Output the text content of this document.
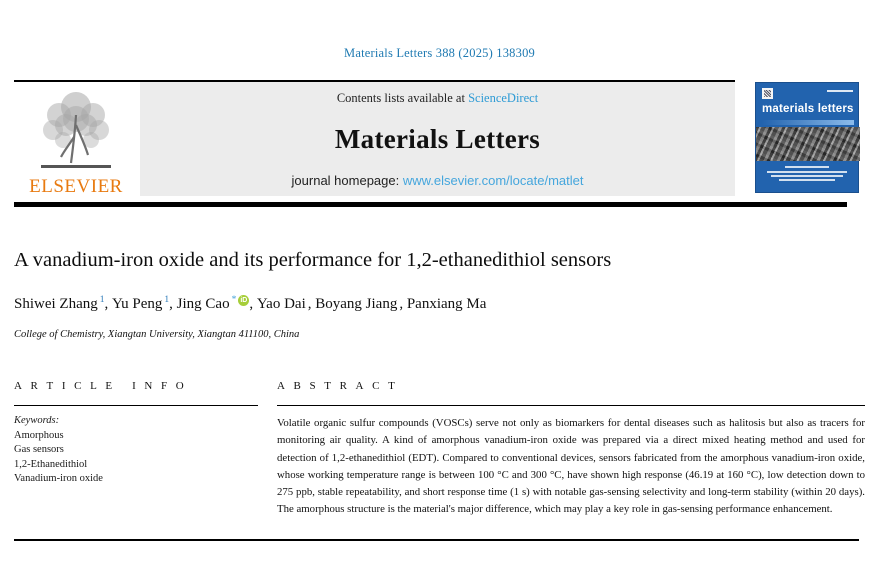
Materials Letters 388 (2025) 138309
ELSEVIER
Contents lists available at ScienceDirect
Materials Letters
journal homepage: www.elsevier.com/locate/matlet
materials letters
A vanadium-iron oxide and its performance for 1,2-ethanedithiol sensors
Shiwei Zhang $^1$ , Yu Peng $^1$ , Jing Cao * iD , Yao Dai , Boyang Jiang , Panxiang Ma
College of Chemistry, Xiangtan University, Xiangtan 411100, China
A R T I C L E   I N F O
Keywords:
Amorphous
Gas sensors
1,2-Ethanedithiol
Vanadium-iron oxide
A B S T R A C T
Volatile organic sulfur compounds (VOSCs) serve not only as biomarkers for dental diseases such as halitosis but also as tracers for monitoring air quality. A kind of amorphous vanadium-iron oxide was prepared via a direct mixed heating method and used for detection of 1,2-ethanedithiol (EDT). Compared to conventional devices, sensors fabricated from the amorphous vanadium-iron oxide, whose working temperature range is between 100 °C and 300 °C, have shown high response (46.19 at 160 °C), low detection down to 275 ppb, stable repeatability, and short response time (1 s) with notable gas-sensing selectivity and long-term stability (within 20 days). The amorphous structure is the material's major difference, which may play a key role in gas-sensing performance enhancement.
